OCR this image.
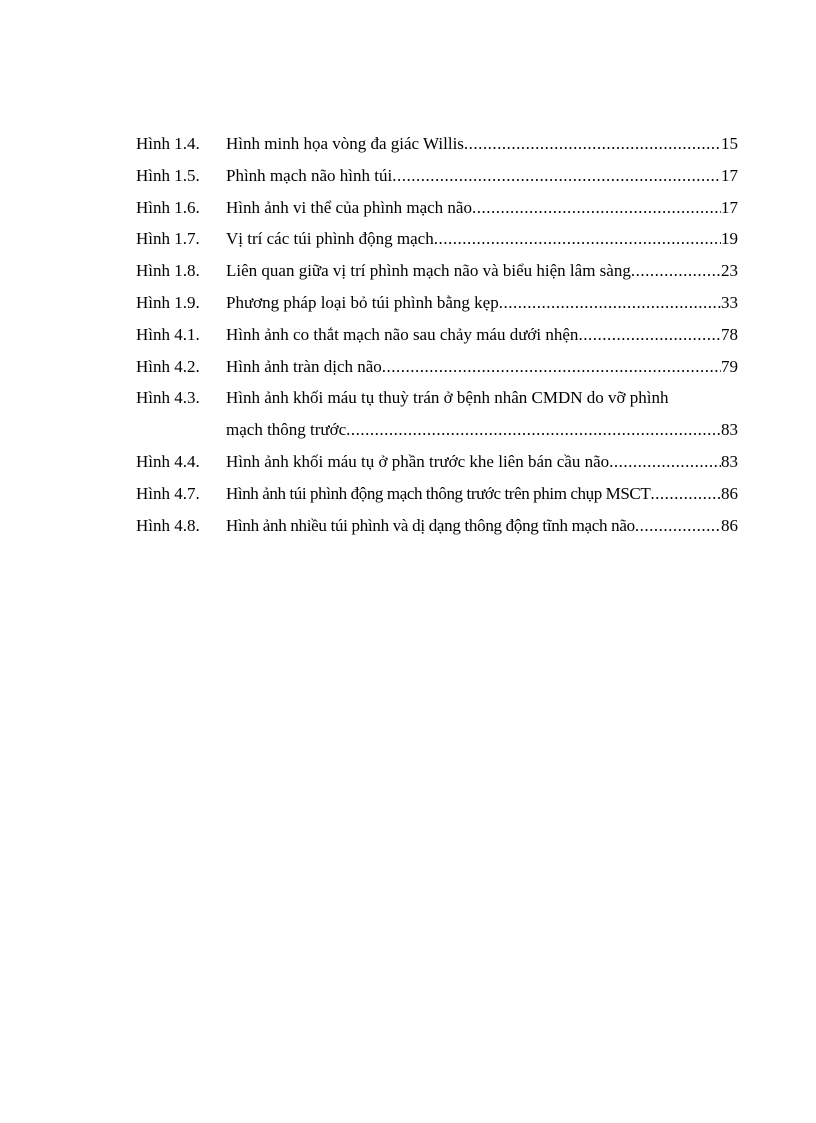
Hình 1.4.	Hình minh họa vòng đa giác Willis .....	15
Hình 1.5.	Phình mạch não hình túi .....	17
Hình 1.6.	Hình ảnh vi thể của phình mạch não .....	17
Hình 1.7.	Vị trí các túi phình động mạch .....	19
Hình 1.8.	Liên quan giữa vị trí phình mạch não và biểu hiện lâm sàng .....	23
Hình 1.9.	Phương pháp loại bỏ túi phình bằng kẹp .....	33
Hình 4.1.	Hình ảnh co thắt mạch não sau chảy máu dưới nhện .....	78
Hình 4.2.	Hình ảnh tràn dịch não .....	79
Hình 4.3.	Hình ảnh khối máu tụ thuỳ trán ở bệnh nhân CMDN do vỡ phình
mạch thông trước .....	83
Hình 4.4.	Hình ảnh khối máu tụ ở phần trước khe liên bán cầu não .....	83
Hình 4.7.	Hình ảnh túi phình động mạch thông trước trên phim chụp MSCT .....	86
Hình 4.8.	Hình ảnh nhiều túi phình và dị dạng thông động tĩnh mạch não .....	86
